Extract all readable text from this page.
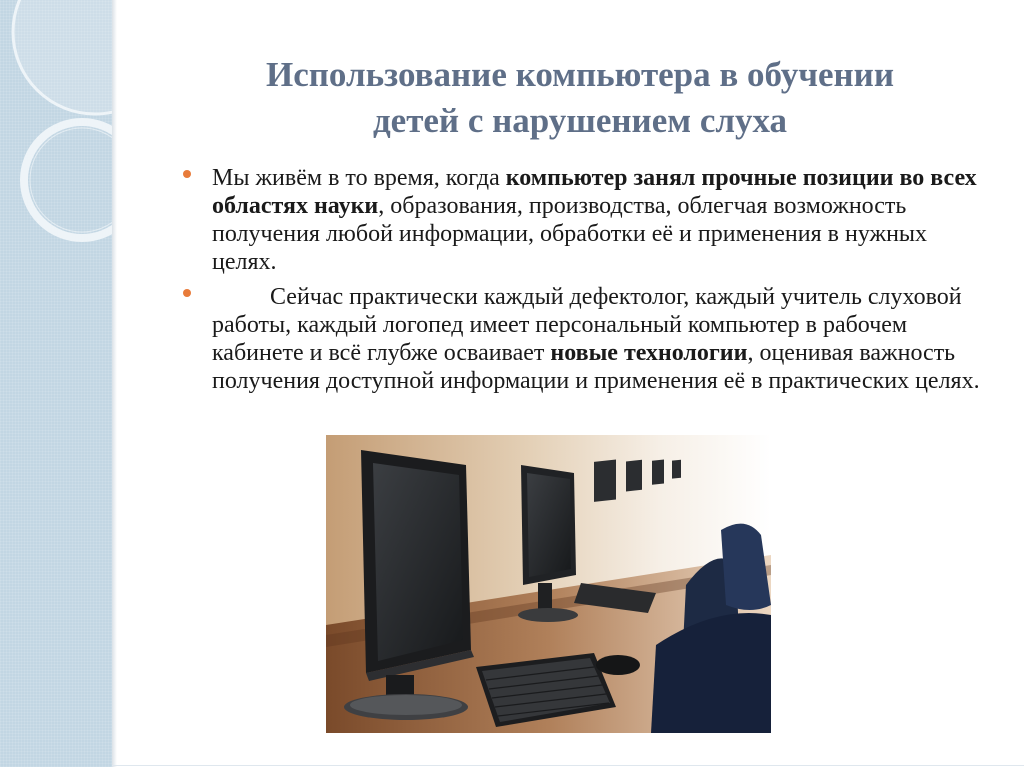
Использование компьютера в обучении
детей с нарушением слуха
Мы живём в то время, когда компьютер занял прочные позиции во всех областях науки, образования, производства, облегчая возможность получения любой информации, обработки её и применения в нужных целях.
Сейчас практически каждый дефектолог, каждый учитель слуховой работы, каждый логопед имеет персональный компьютер в рабочем кабинете и всё глубже осваивает новые технологии, оценивая важность получения доступной информации и применения её в практических целях.
